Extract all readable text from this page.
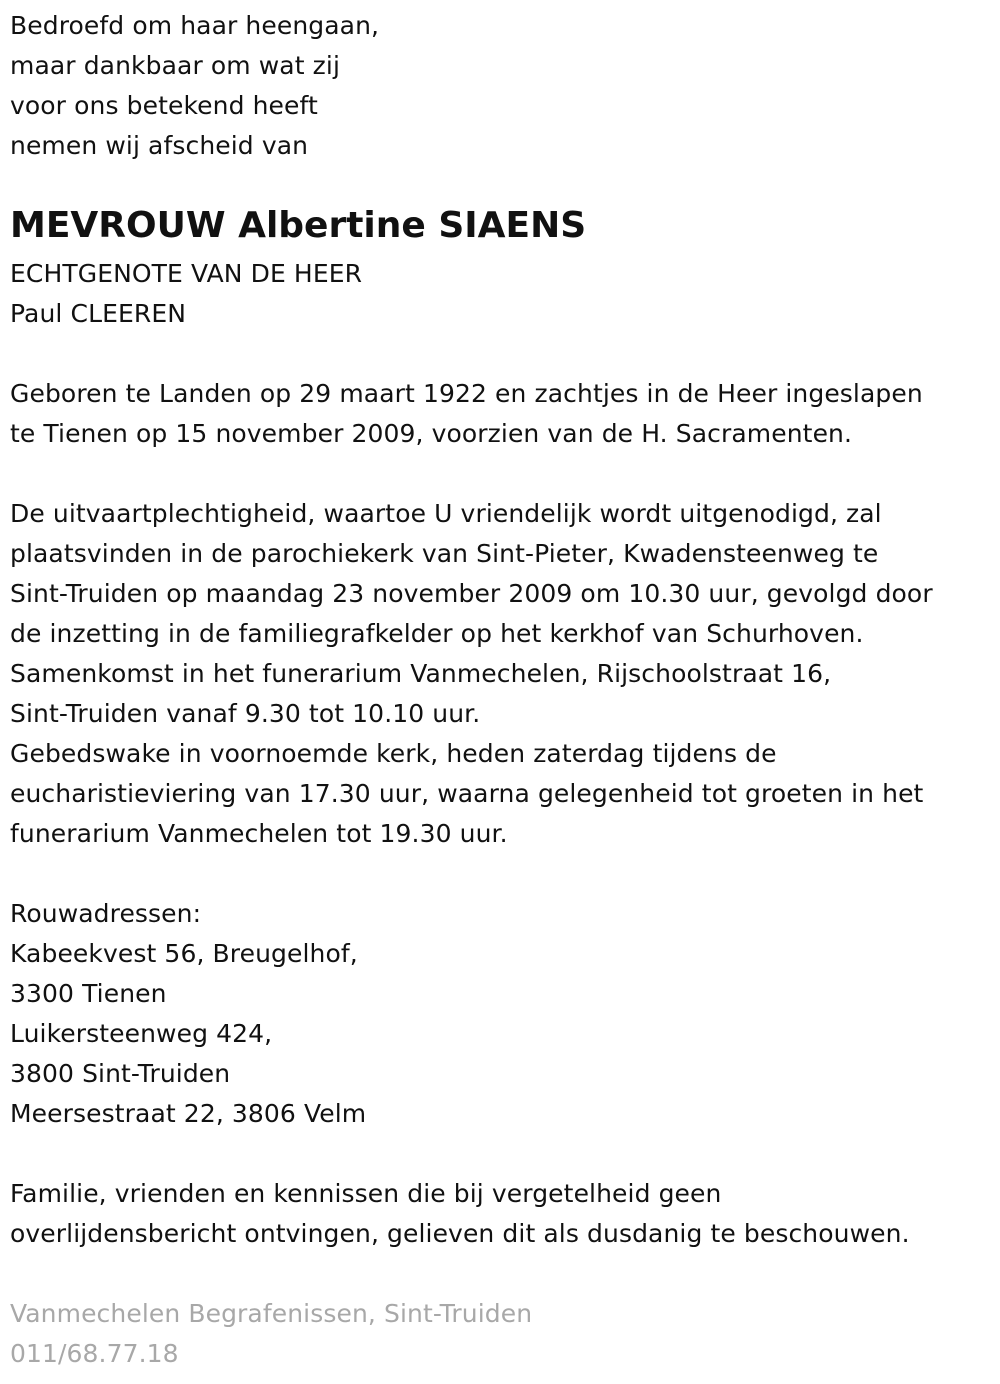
Bedroefd om haar heengaan,
maar dankbaar om wat zij
voor ons betekend heeft
nemen wij afscheid van
MEVROUW Albertine SIAENS
ECHTGENOTE VAN DE HEER
Paul CLEEREN
Geboren te Landen op 29 maart 1922 en zachtjes in de Heer ingeslapen
te Tienen op 15 november 2009, voorzien van de H. Sacramenten.
De uitvaartplechtigheid, waartoe U vriendelijk wordt uitgenodigd, zal
plaatsvinden in de parochiekerk van Sint-Pieter, Kwadensteenweg te
Sint-Truiden op maandag 23 november 2009 om 10.30 uur, gevolgd door
de inzetting in de familiegrafkelder op het kerkhof van Schurhoven.
Samenkomst in het funerarium Vanmechelen, Rijschoolstraat 16,
Sint-Truiden vanaf 9.30 tot 10.10 uur.
Gebedswake in voornoemde kerk, heden zaterdag tijdens de
eucharistieviering van 17.30 uur, waarna gelegenheid tot groeten in het
funerarium Vanmechelen tot 19.30 uur.
Rouwadressen:
Kabeekvest 56, Breugelhof,
3300 Tienen
Luikersteenweg 424,
3800 Sint-Truiden
Meersestraat 22, 3806 Velm
Familie, vrienden en kennissen die bij vergetelheid geen
overlijdensbericht ontvingen, gelieven dit als dusdanig te beschouwen.
Vanmechelen Begrafenissen, Sint-Truiden
011/68.77.18
